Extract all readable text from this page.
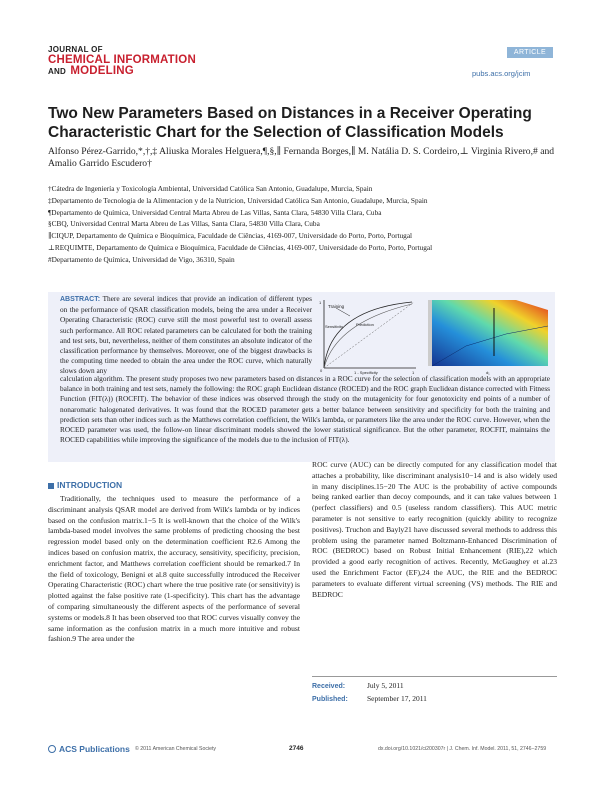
JOURNAL OF
CHEMICAL INFORMATION
AND MODELING
ARTICLE
pubs.acs.org/jcim
Two New Parameters Based on Distances in a Receiver Operating Characteristic Chart for the Selection of Classification Models
Alfonso Pérez-Garrido,*,†,‡ Aliuska Morales Helguera,¶,§,∥ Fernanda Borges,∥ M. Natália D. S. Cordeiro,⊥ Virginia Rivero,# and Amalio Garrido Escudero†
†Cátedra de Ingeniería y Toxicología Ambiental, Universidad Católica San Antonio, Guadalupe, Murcia, Spain
‡Departamento de Tecnologia de la Alimentacion y de la Nutricion, Universidad Católica San Antonio, Guadalupe, Murcia, Spain
¶Departamento de Química, Universidad Central Marta Abreu de Las Villas, Santa Clara, 54830 Villa Clara, Cuba
§CBQ, Universidad Central Marta Abreu de Las Villas, Santa Clara, 54830 Villa Clara, Cuba
∥CIQUP, Departamento de Química e Bioquímica, Faculdade de Ciências, 4169-007, Universidade do Porto, Porto, Portugal
⊥REQUIMTE, Departamento de Química e Bioquímica, Faculdade de Ciências, 4169-007, Universidade do Porto, Porto, Portugal
#Departamento de Química, Universidad de Vigo, 36310, Spain
ABSTRACT: There are several indices that provide an indication of different types on the performance of QSAR classification models, being the area under a Receiver Operating Characteristic (ROC) curve still the most powerful test to overall assess such performance. All ROC related parameters can be calculated for both the training and test sets, but, nevertheless, neither of them constitutes an absolute indicator of the classification performance by themselves. Moreover, one of the biggest drawbacks is the computing time needed to obtain the area under the ROC curve, which naturally slows down any
calculation algorithm. The present study proposes two new parameters based on distances in a ROC curve for the selection of classification models with an appropriate balance in both training and test sets, namely the following: the ROC graph Euclidean distance (ROCED) and the ROC graph Euclidean distance corrected with Fitness Function (FIT(λ)) (ROCFIT). The behavior of these indices was observed through the study on the mutagenicity for four genotoxicity end points of a number of nonaromatic halogenated derivatives. It was found that the ROCED parameter gets a better balance between sensitivity and specificity for both the training and prediction sets than other indices such as the Matthews correlation coefficient, the Wilk's lambda, or parameters like the area under the ROC curve. However, when the ROCED parameter was used, the follow-on linear discriminant models showed the lower statistical significance. But the other parameter, ROCFIT, maintains the ROCED capabilities while improving the significance of the models due to the inclusion of FIT(λ).
Training
Sensitivity	Prediction
1 - Specificity
1
0	1	d₁
INTRODUCTION

Traditionally, the techniques used to measure the performance of a discriminant analysis QSAR model are derived from Wilk's lambda or by indices based on the confusion matrix.1−5 It is well-known that the choice of the Wilk's lambda-based model involves the same problems of predicting choosing the best regression model based only on the determination coefficient R2.6 Among the indices based on confusion matrix, the accuracy, sensitivity, specificity, precision, enrichment factor, and Matthews correlation coefficient should be remarked.7 In the field of toxicology, Benigni et al.8 quite successfully introduced the Receiver Operating Characteristic (ROC) chart where the true positive rate (or sensitivity) is plotted against the false positive rate (1-specificity). This chart has the advantage of comparing simultaneously the different aspects of the performance of several systems or models.8 It has been observed too that ROC curves visually convey the same information as the confusion matrix in a much more intuitive and robust fashion.9 The area under the

ROC curve (AUC) can be directly computed for any classification model that attaches a probability, like discriminant analysis10−14 and is also widely used in many disciplines.15−20 The AUC is the probability of active compounds being ranked earlier than decoy compounds, and it can take values between 1 (perfect classifiers) and 0.5 (useless random classifiers). This AUC metric parameter is not sensitive to early recognition (quickly ability to recognize positives). Truchon and Bayly21 have discussed several methods to address this problem using the parameter named Boltzmann-Enhanced Discrimination of ROC (BEDROC) based on Robust Initial Enhancement (RIE),22 which provided a good early recognition of actives. Recently, McGaughey et al.23 used the Enrichment Factor (EF),24 the AUC, the RIE and the BEDROC parameters to evaluate different virtual screening (VS) methods. The RIE and BEDROC

Received:	July 5, 2011
Published:	September 17, 2011
ACS Publications © 2011 American Chemical Society	2746	dx.doi.org/10.1021/ci200307r | J. Chem. Inf. Model. 2011, 51, 2746−2759
